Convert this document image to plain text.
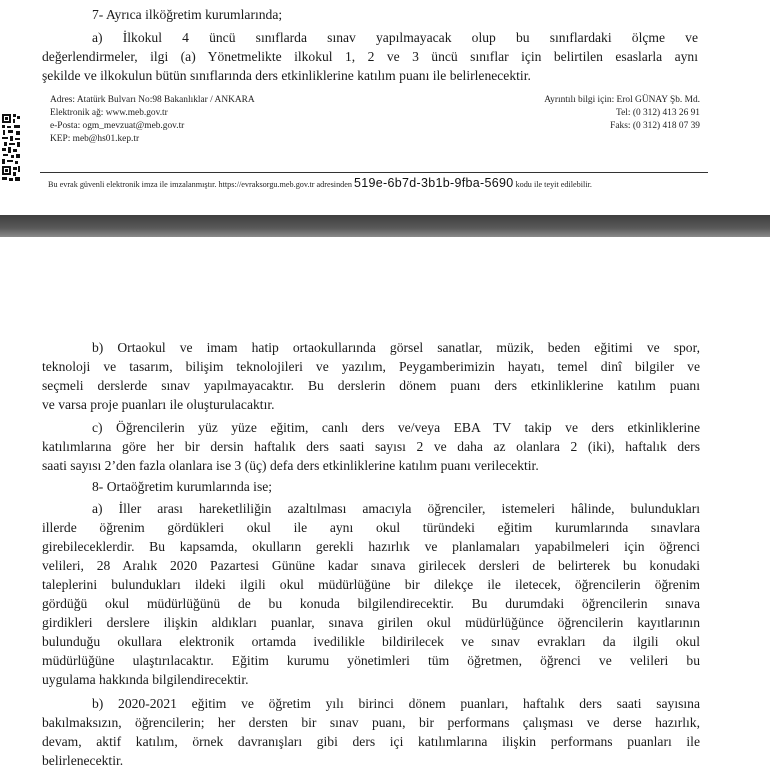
7- Ayrıca ilköğretim kurumlarında;

a) İlkokul 4 üncü sınıflarda sınav yapılmayacak olup bu sınıflardaki ölçme ve

değerlendirmeler, ilgi (a) Yönetmelikte ilkokul 1, 2 ve 3 üncü sınıflar için belirtilen esaslarla aynı

şekilde ve ilkokulun bütün sınıflarında ders etkinliklerine katılım puanı ile belirlenecektir.

Adres: Atatürk Bulvarı No:98 Bakanlıklar / ANKARA
Elektronik ağ: www.meb.gov.tr
e-Posta: ogm_mevzuat@meb.gov.tr
KEP: meb@hs01.kep.tr
Ayrıntılı bilgi için: Erol GÜNAY Şb. Md.
Tel: (0 312) 413 26 91
Faks: (0 312) 418 07 39
Bu evrak güvenli elektronik imza ile imzalanmıştır. https://evraksorgu.meb.gov.tr adresinden 519e-6b7d-3b1b-9fba-5690 kodu ile teyit edilebilir.

b) Ortaokul ve imam hatip ortaokullarında görsel sanatlar, müzik, beden eğitimi ve spor,

teknoloji ve tasarım, bilişim teknolojileri ve yazılım, Peygamberimizin hayatı, temel dinî bilgiler ve

seçmeli derslerde sınav yapılmayacaktır. Bu derslerin dönem puanı ders etkinliklerine katılım puanı

ve varsa proje puanları ile oluşturulacaktır.

c) Öğrencilerin yüz yüze eğitim, canlı ders ve/veya EBA TV takip ve ders etkinliklerine

katılımlarına göre her bir dersin haftalık ders saati sayısı 2 ve daha az olanlara 2 (iki), haftalık ders

saati sayısı 2’den fazla olanlara ise 3 (üç) defa ders etkinliklerine katılım puanı verilecektir.

8- Ortaöğretim kurumlarında ise;

a) İller arası hareketliliğin azaltılması amacıyla öğrenciler, istemeleri hâlinde, bulundukları

illerde öğrenim gördükleri okul ile aynı okul türündeki eğitim kurumlarında sınavlara

girebileceklerdir. Bu kapsamda, okulların gerekli hazırlık ve planlamaları yapabilmeleri için öğrenci

velileri, 28 Aralık 2020 Pazartesi Gününe kadar sınava girilecek dersleri de belirterek bu konudaki

taleplerini bulundukları ildeki ilgili okul müdürlüğüne bir dilekçe ile iletecek, öğrencilerin öğrenim

gördüğü okul müdürlüğünü de bu konuda bilgilendirecektir. Bu durumdaki öğrencilerin sınava

girdikleri derslere ilişkin aldıkları puanlar, sınava girilen okul müdürlüğünce öğrencilerin kayıtlarının

bulunduğu okullara elektronik ortamda ivedilikle bildirilecek ve sınav evrakları da ilgili okul

müdürlüğüne ulaştırılacaktır. Eğitim kurumu yönetimleri tüm öğretmen, öğrenci ve velileri bu

uygulama hakkında bilgilendirecektir.

b) 2020-2021 eğitim ve öğretim yılı birinci dönem puanları, haftalık ders saati sayısına

bakılmaksızın, öğrencilerin; her dersten bir sınav puanı, bir performans çalışması ve derse hazırlık,

devam, aktif katılım, örnek davranışları gibi ders içi katılımlarına ilişkin performans puanları ile

belirlenecektir.
